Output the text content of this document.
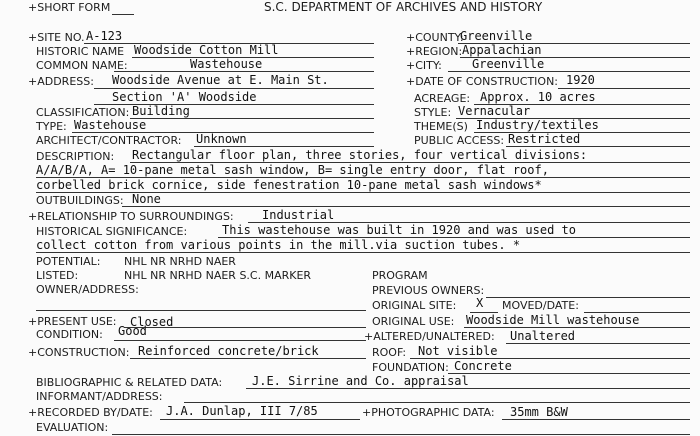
+SHORT FORM	S.C. DEPARTMENT OF ARCHIVES AND HISTORY
+SITE NO. A-123	+COUNTY:
Greenville
HISTORIC NAME Woodside Cotton Mill	+REGION: Appalachian
COMMON NAME:	Wastehouse	+CITY:	Greenville
+ADDRESS: Woodside Avenue at E. Main St.	+DATE OF CONSTRUCTION: 1920
Section 'A' Woodside	ACREAGE: Approx. 10 acres
CLASSIFICATION: Building	STYLE: Vernacular
TYPE: Wastehouse	THEME(S) Industry/textiles
ARCHITECT/CONTRACTOR: Unknown	PUBLIC ACCESS: Restricted
DESCRIPTION: Rectangular floor plan, three stories, four vertical divisions:
A/A/B/A, A= 10-pane metal sash window, B= single entry door, flat roof,
corbelled brick cornice, side fenestration 10-pane metal sash windows*
OUTBUILDINGS: None
+RELATIONSHIP TO SURROUNDINGS: Industrial
HISTORICAL SIGNIFICANCE:	This wastehouse was built in 1920 and was used to
collect cotton from various points in the mill.via suction tubes. *
POTENTIAL: NHL NR NRHD NAER
LISTED:	NHL NR NRHD NAER S.C. MARKER	PROGRAM
OWNER/ADDRESS:	PREVIOUS OWNERS:
ORIGINAL SITE: X MOVED/DATE:
+PRESENT USE: Closed	ORIGINAL USE: Woodside Mill wastehouse
CONDITION: Good	+ALTERED/UNALTERED: Unaltered
+CONSTRUCTION: Reinforced concrete/brick	ROOF: Not visible
FOUNDATION: Concrete
BIBLIOGRAPHIC & RELATED DATA: J.E. Sirrine and Co. appraisal
INFORMANT/ADDRESS:
+RECORDED BY/DATE: J.A. Dunlap, III 7/85	+PHOTOGRAPHIC DATA: 35mm B&W
EVALUATION:
